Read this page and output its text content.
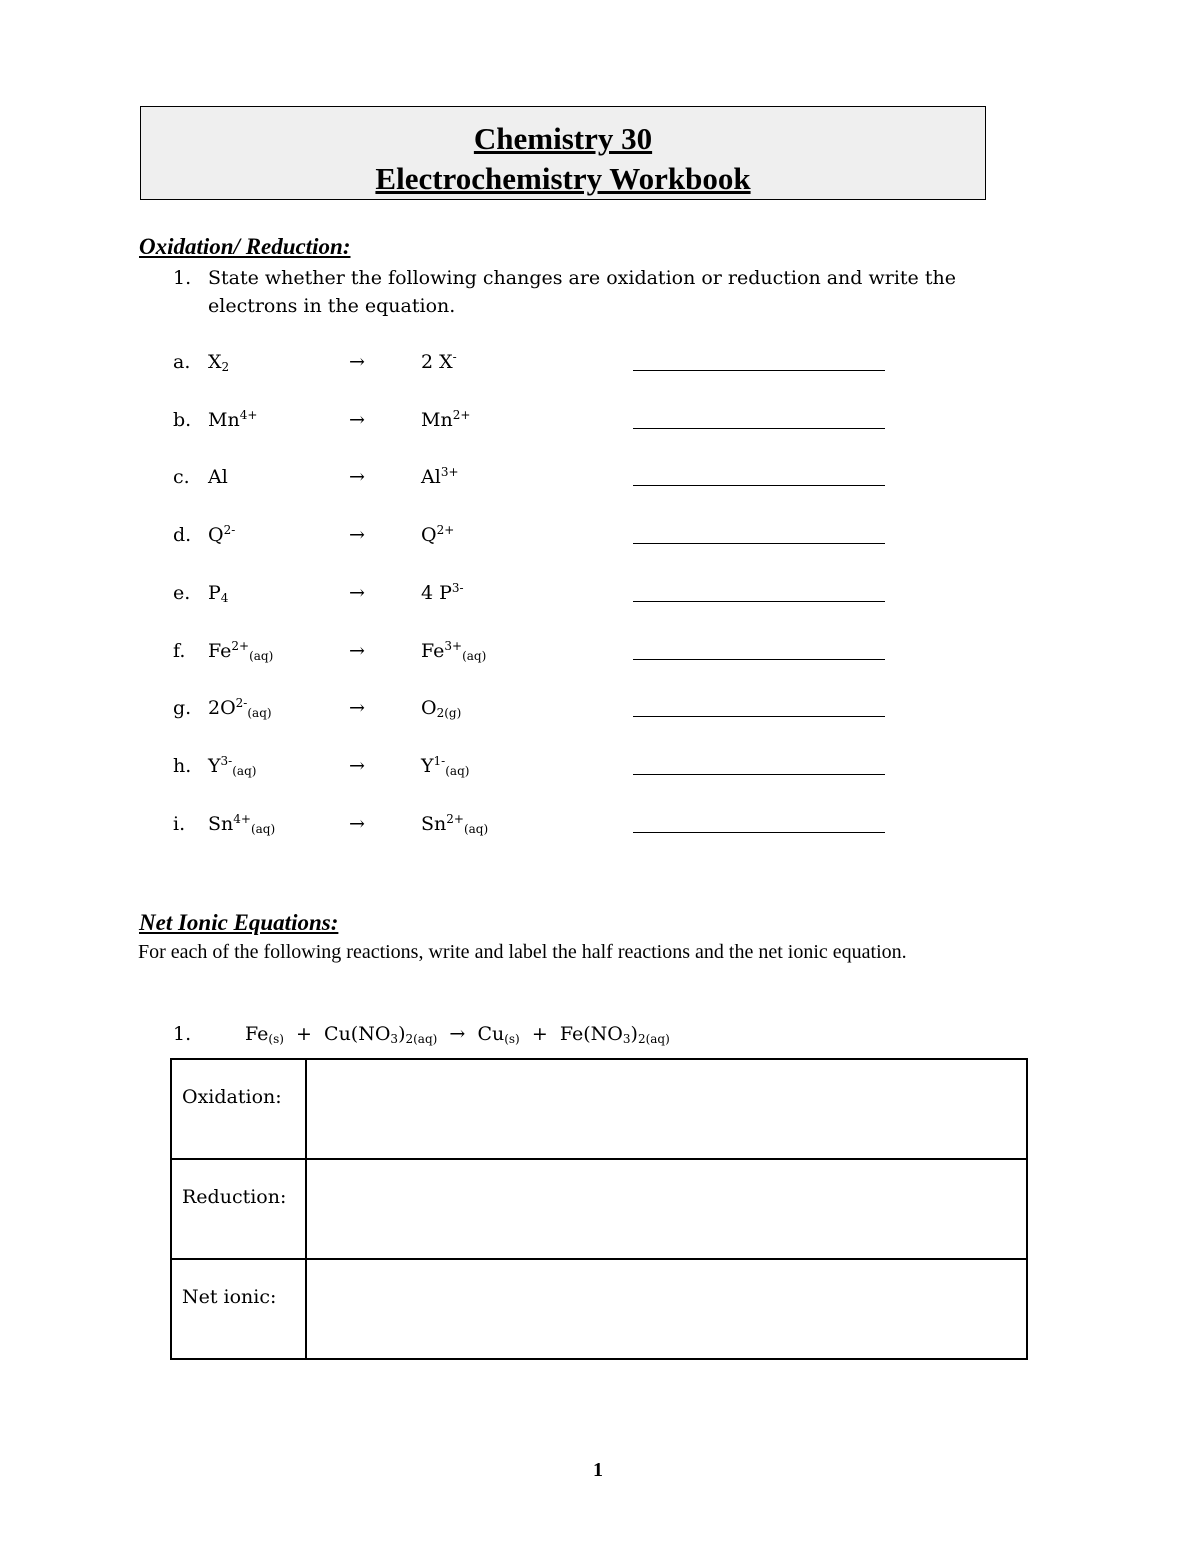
Chemistry 30
Electrochemistry Workbook
Oxidation/ Reduction:
1. State whether the following changes are oxidation or reduction and write the
electrons in the equation.
a. $X_2$	→	2 X-
b. $Mn^{4+}$	→	$Mn^{2+}$
c. Al	→	$Al^{3+}$
d. $Q^{2-}$	→	$Q^{2+}$
e. $P_4$	→	4 $P^{3-}$
f. $Fe^{2+}_{(aq)}$	→	$Fe^{3+}_{(aq)}$
g. $2O^{2-}_{(aq)}$	→	$O_{2(g)}$
h. $Y^{3-}_{(aq)}$	→	$Y^{1-}_{(aq)}$
i. $Sn^{4+}_{(aq)}$	→	$Sn^{2+}_{(aq)}$
Net Ionic Equations:
For each of the following reactions, write and label the half reactions and the net ionic equation.
1.	$Fe_{(s)} + Cu(NO_3)_{2(aq)} \to Cu_{(s)} + Fe(NO_3)_{2(aq)}$
Oxidation:	
Reduction:	
Net ionic:	
1
